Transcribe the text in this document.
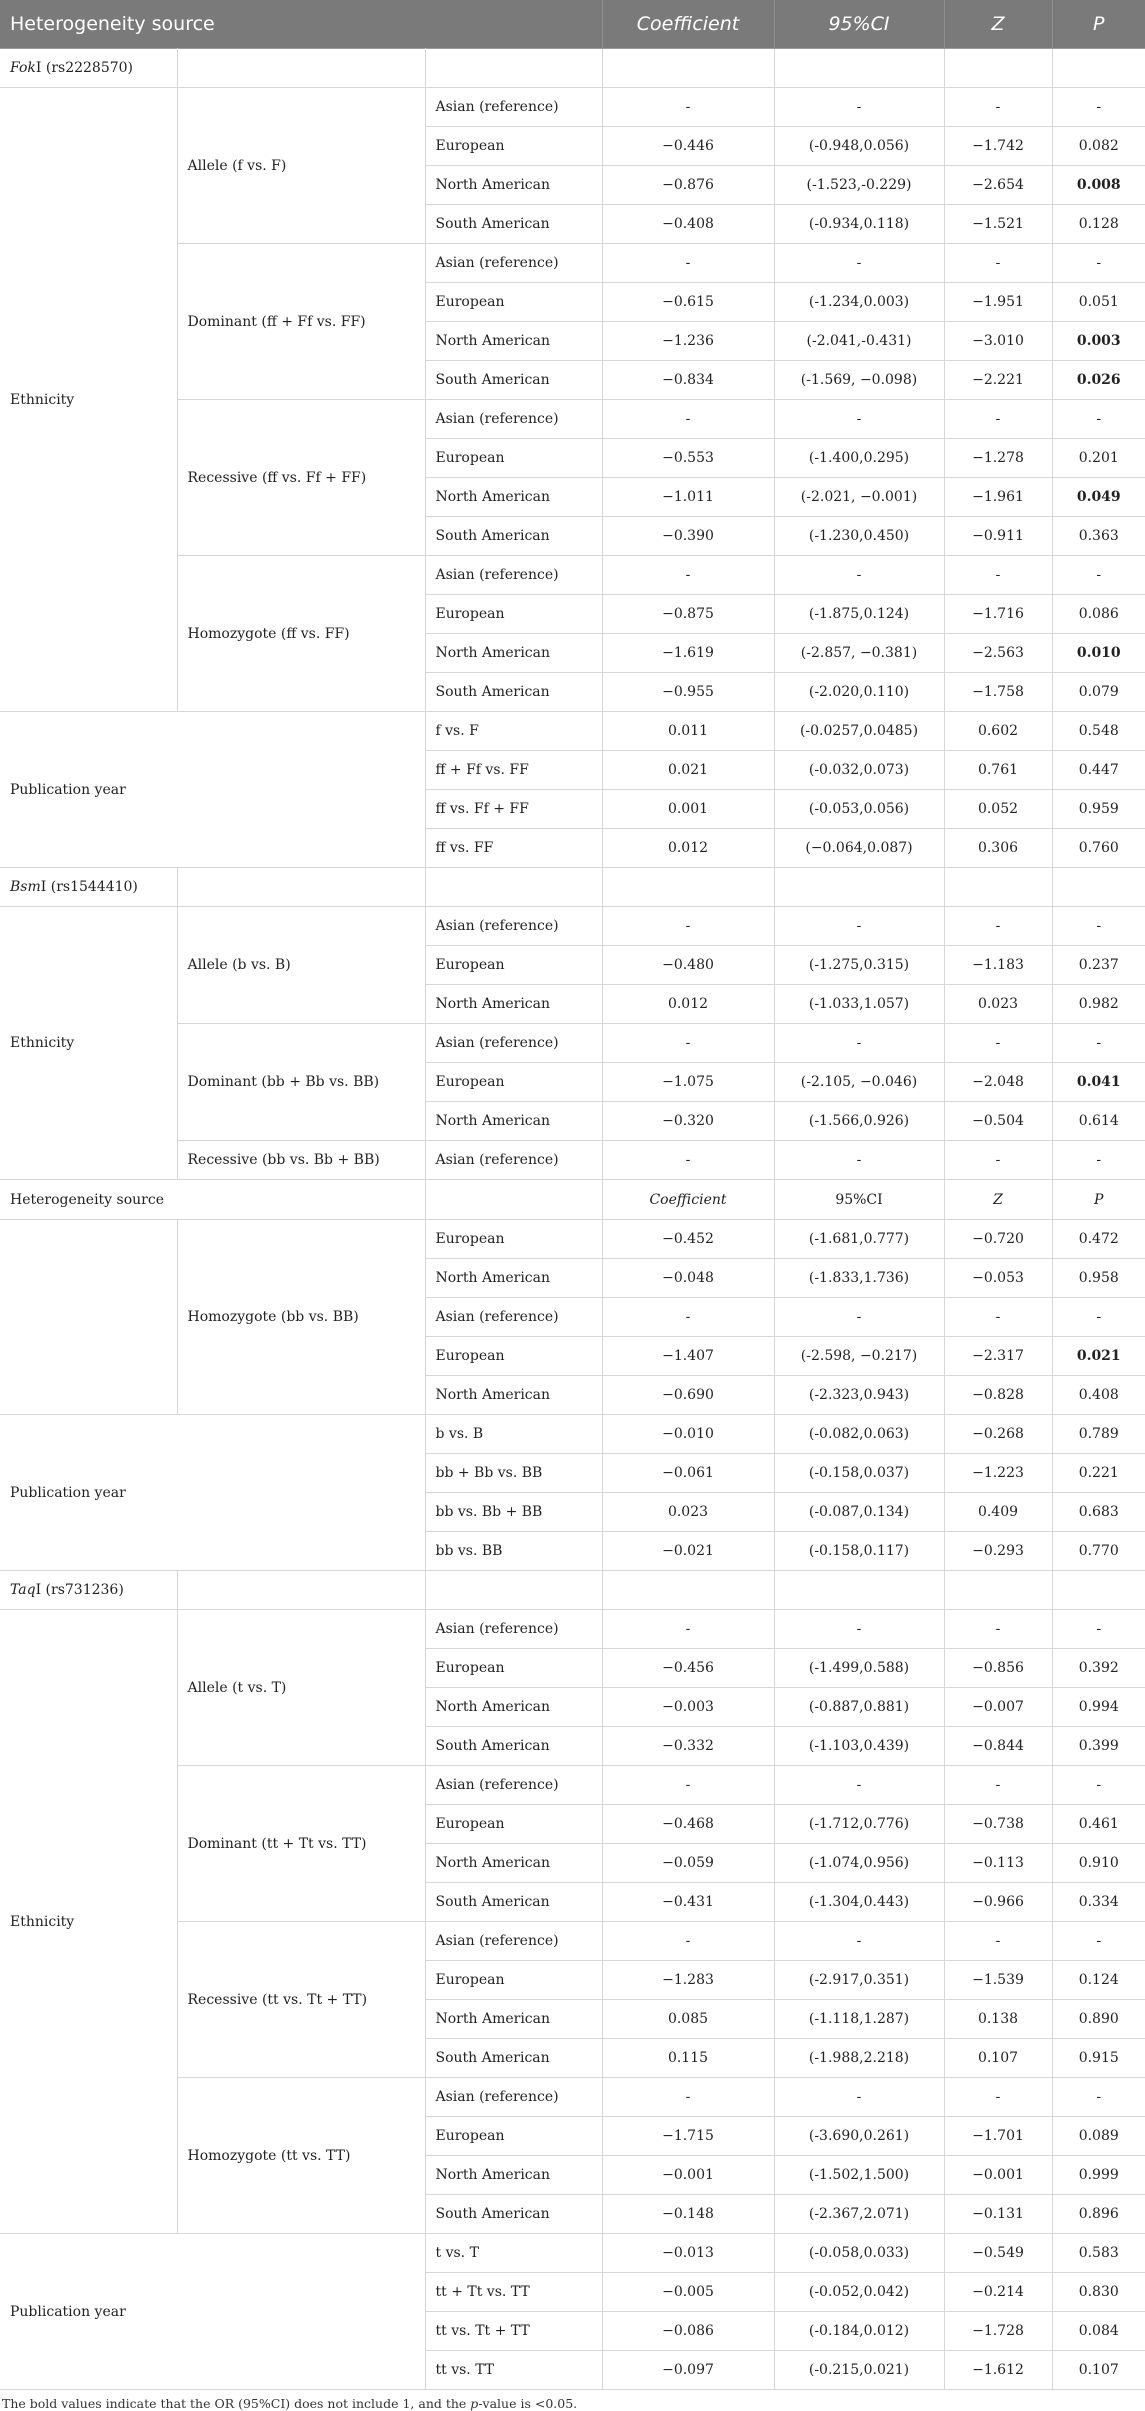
Heterogeneity source			Coefficient	95%CI	Z	P
FokI (rs2228570)						
Ethnicity	Allele (f vs. F)	Asian (reference)	-	-	-	-
		European	−0.446	(-0.948,0.056)	−1.742	0.082
		North American	−0.876	(-1.523,-0.229)	−2.654	0.008
		South American	−0.408	(-0.934,0.118)	−1.521	0.128
	Dominant (ff + Ff vs. FF)	Asian (reference)	-	-	-	-
		European	−0.615	(-1.234,0.003)	−1.951	0.051
		North American	−1.236	(-2.041,-0.431)	−3.010	0.003
		South American	−0.834	(-1.569, −0.098)	−2.221	0.026
	Recessive (ff vs. Ff + FF)	Asian (reference)	-	-	-	-
		European	−0.553	(-1.400,0.295)	−1.278	0.201
		North American	−1.011	(-2.021, −0.001)	−1.961	0.049
		South American	−0.390	(-1.230,0.450)	−0.911	0.363
	Homozygote (ff vs. FF)	Asian (reference)	-	-	-	-
		European	−0.875	(-1.875,0.124)	−1.716	0.086
		North American	−1.619	(-2.857, −0.381)	−2.563	0.010
		South American	−0.955	(-2.020,0.110)	−1.758	0.079
Publication year		f vs. F	0.011	(-0.0257,0.0485)	0.602	0.548
		ff + Ff vs. FF	0.021	(-0.032,0.073)	0.761	0.447
		ff vs. Ff + FF	0.001	(-0.053,0.056)	0.052	0.959
		ff vs. FF	0.012	(−0.064,0.087)	0.306	0.760
BsmI (rs1544410)						
Ethnicity	Allele (b vs. B)	Asian (reference)	-	-	-	-
		European	−0.480	(-1.275,0.315)	−1.183	0.237
		North American	0.012	(-1.033,1.057)	0.023	0.982
	Dominant (bb + Bb vs. BB)	Asian (reference)	-	-	-	-
		European	−1.075	(-2.105, −0.046)	−2.048	0.041
		North American	−0.320	(-1.566,0.926)	−0.504	0.614
	Recessive (bb vs. Bb + BB)	Asian (reference)	-	-	-	-
Heterogeneity source			Coefficient	95%CI	Z	P
	Homozygote (bb vs. BB)	European	−0.452	(-1.681,0.777)	−0.720	0.472
		North American	−0.048	(-1.833,1.736)	−0.053	0.958
		Asian (reference)	-	-	-	-
		European	−1.407	(-2.598, −0.217)	−2.317	0.021
		North American	−0.690	(-2.323,0.943)	−0.828	0.408
Publication year		b vs. B	−0.010	(-0.082,0.063)	−0.268	0.789
		bb + Bb vs. BB	−0.061	(-0.158,0.037)	−1.223	0.221
		bb vs. Bb + BB	0.023	(-0.087,0.134)	0.409	0.683
		bb vs. BB	−0.021	(-0.158,0.117)	−0.293	0.770
TaqI (rs731236)						
Ethnicity	Allele (t vs. T)	Asian (reference)	-	-	-	-
		European	−0.456	(-1.499,0.588)	−0.856	0.392
		North American	−0.003	(-0.887,0.881)	−0.007	0.994
		South American	−0.332	(-1.103,0.439)	−0.844	0.399
	Dominant (tt + Tt vs. TT)	Asian (reference)	-	-	-	-
		European	−0.468	(-1.712,0.776)	−0.738	0.461
		North American	−0.059	(-1.074,0.956)	−0.113	0.910
		South American	−0.431	(-1.304,0.443)	−0.966	0.334
	Recessive (tt vs. Tt + TT)	Asian (reference)	-	-	-	-
		European	−1.283	(-2.917,0.351)	−1.539	0.124
		North American	0.085	(-1.118,1.287)	0.138	0.890
		South American	0.115	(-1.988,2.218)	0.107	0.915
	Homozygote (tt vs. TT)	Asian (reference)	-	-	-	-
		European	−1.715	(-3.690,0.261)	−1.701	0.089
		North American	−0.001	(-1.502,1.500)	−0.001	0.999
		South American	−0.148	(-2.367,2.071)	−0.131	0.896
Publication year		t vs. T	−0.013	(-0.058,0.033)	−0.549	0.583
		tt + Tt vs. TT	−0.005	(-0.052,0.042)	−0.214	0.830
		tt vs. Tt + TT	−0.086	(-0.184,0.012)	−1.728	0.084
		tt vs. TT	−0.097	(-0.215,0.021)	−1.612	0.107
The bold values indicate that the OR (95%CI) does not include 1, and the p-value is <0.05.
